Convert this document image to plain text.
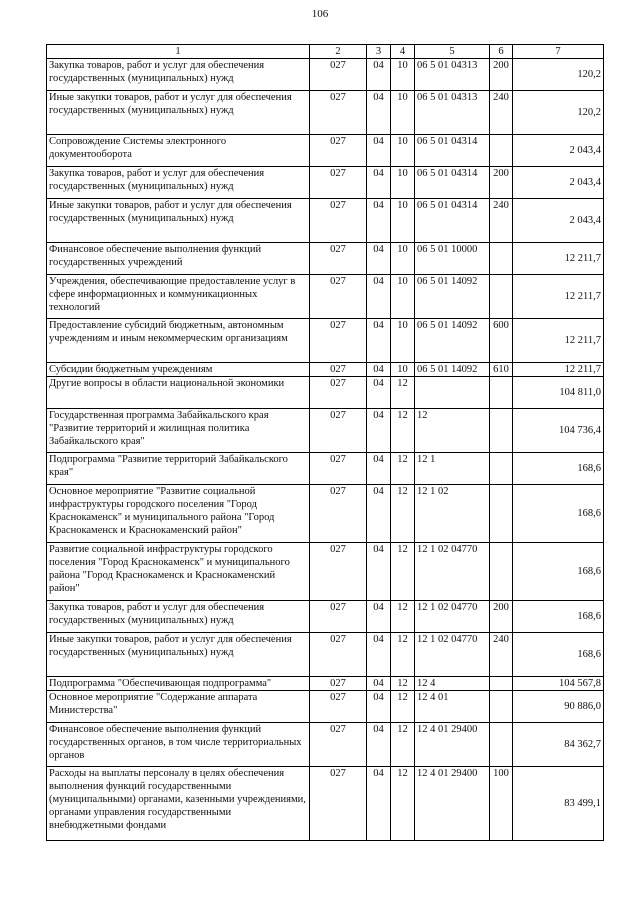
106
1	2	3	4	5	6	7
Закупка товаров, работ и услуг для обеспечения государственных (муниципальных) нужд	027	04	10	06 5 01 04313	200	120,2
Иные закупки товаров, работ и услуг для обеспечения государственных (муниципальных) нужд	027	04	10	06 5 01 04313	240	120,2
Сопровождение Системы электронного документооборота	027	04	10	06 5 01 04314		2 043,4
Закупка товаров, работ и услуг для обеспечения государственных (муниципальных) нужд	027	04	10	06 5 01 04314	200	2 043,4
Иные закупки товаров, работ и услуг для обеспечения государственных (муниципальных) нужд	027	04	10	06 5 01 04314	240	2 043,4
Финансовое обеспечение выполнения функций государственных учреждений	027	04	10	06 5 01 10000		12 211,7
Учреждения, обеспечивающие предоставление услуг в сфере информационных и коммуникационных технологий	027	04	10	06 5 01 14092		12 211,7
Предоставление субсидий бюджетным, автономным учреждениям и иным некоммерческим организациям	027	04	10	06 5 01 14092	600	12 211,7
Субсидии бюджетным учреждениям	027	04	10	06 5 01 14092	610	12 211,7
Другие вопросы в области национальной экономики	027	04	12			104 811,0
Государственная программа Забайкальского края "Развитие территорий и жилищная политика Забайкальского края"	027	04	12	12		104 736,4
Подпрограмма "Развитие территорий Забайкальского края"	027	04	12	12 1		168,6
Основное мероприятие "Развитие социальной инфраструктуры городского поселения "Город Краснокаменск" и муниципального района "Город Краснокаменск и Краснокаменский район"	027	04	12	12 1 02		168,6
Развитие социальной инфраструктуры городского поселения "Город Краснокаменск" и муниципального района "Город Краснокаменск и Краснокаменский район"	027	04	12	12 1 02 04770		168,6
Закупка товаров, работ и услуг для обеспечения государственных (муниципальных) нужд	027	04	12	12 1 02 04770	200	168,6
Иные закупки товаров, работ и услуг для обеспечения государственных (муниципальных) нужд	027	04	12	12 1 02 04770	240	168,6
Подпрограмма "Обеспечивающая подпрограмма"	027	04	12	12 4		104 567,8
Основное мероприятие "Содержание аппарата Министерства"	027	04	12	12 4 01		90 886,0
Финансовое обеспечение выполнения функций государственных органов, в том числе территориальных органов	027	04	12	12 4 01 29400		84 362,7
Расходы на выплаты персоналу в целях обеспечения выполнения функций государственными (муниципальными) органами, казенными учреждениями, органами управления государственными внебюджетными фондами	027	04	12	12 4 01 29400	100	83 499,1
